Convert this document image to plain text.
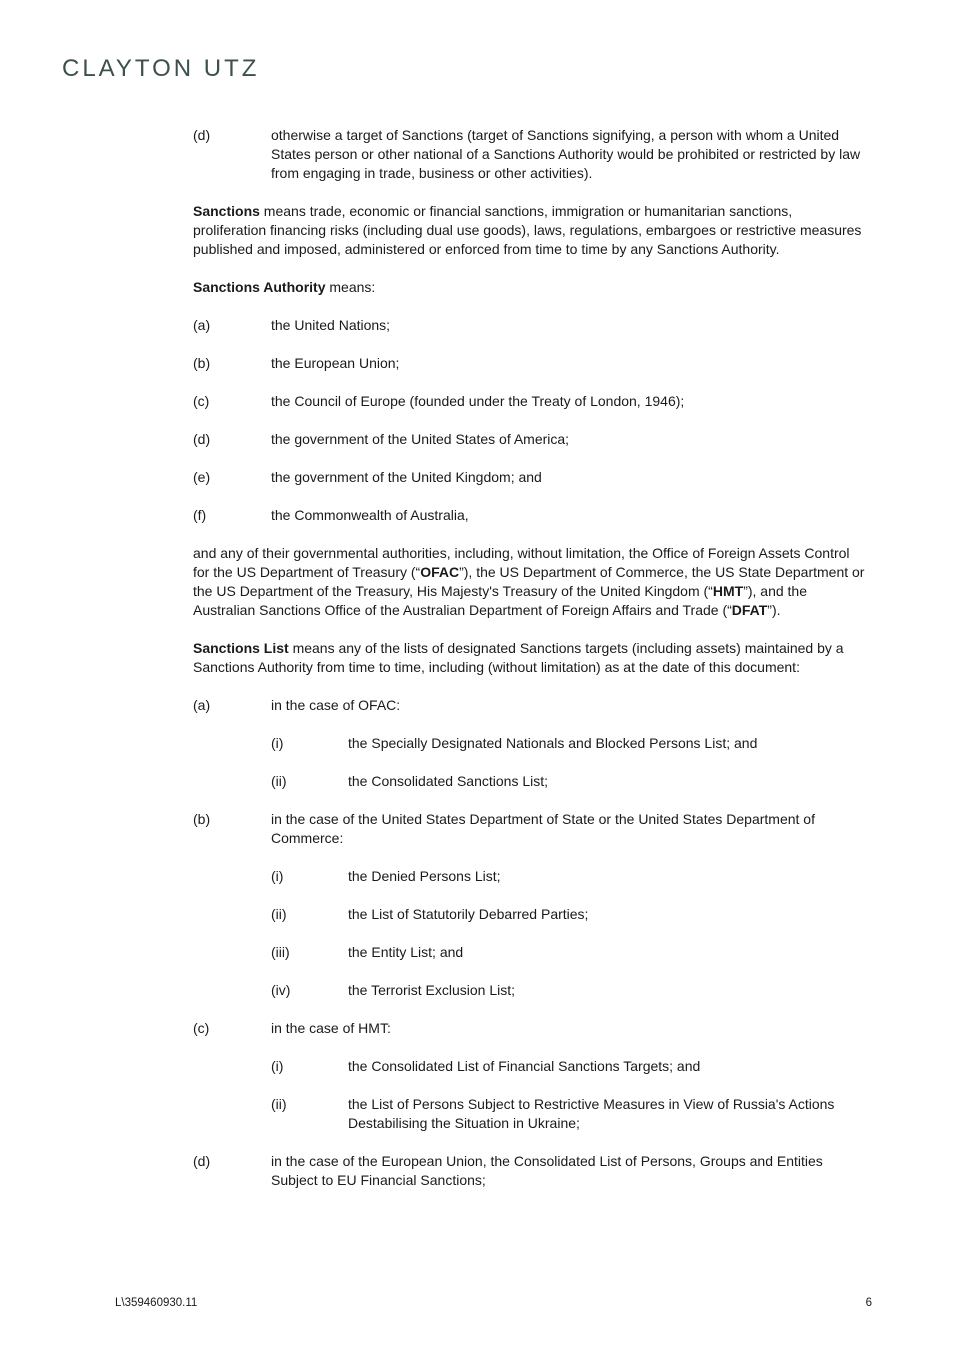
CLAYTON UTZ
(d)	otherwise a target of Sanctions (target of Sanctions signifying, a person with whom a United States person or other national of a Sanctions Authority would be prohibited or restricted by law from engaging in trade, business or other activities).
Sanctions means trade, economic or financial sanctions, immigration or humanitarian sanctions, proliferation financing risks (including dual use goods), laws, regulations, embargoes or restrictive measures published and imposed, administered or enforced from time to time by any Sanctions Authority.
Sanctions Authority means:
(a)	the United Nations;
(b)	the European Union;
(c)	the Council of Europe (founded under the Treaty of London, 1946);
(d)	the government of the United States of America;
(e)	the government of the United Kingdom; and
(f)	the Commonwealth of Australia,
and any of their governmental authorities, including, without limitation, the Office of Foreign Assets Control for the US Department of Treasury (“OFAC”), the US Department of Commerce, the US State Department or the US Department of the Treasury, His Majesty's Treasury of the United Kingdom (“HMT”), and the Australian Sanctions Office of the Australian Department of Foreign Affairs and Trade (“DFAT”).
Sanctions List means any of the lists of designated Sanctions targets (including assets) maintained by a Sanctions Authority from time to time, including (without limitation) as at the date of this document:
(a)	in the case of OFAC:
(i)	the Specially Designated Nationals and Blocked Persons List; and
(ii)	the Consolidated Sanctions List;
(b)	in the case of the United States Department of State or the United States Department of Commerce:
(i)	the Denied Persons List;
(ii)	the List of Statutorily Debarred Parties;
(iii)	the Entity List; and
(iv)	the Terrorist Exclusion List;
(c)	in the case of HMT:
(i)	the Consolidated List of Financial Sanctions Targets; and
(ii)	the List of Persons Subject to Restrictive Measures in View of Russia's Actions Destabilising the Situation in Ukraine;
(d)	in the case of the European Union, the Consolidated List of Persons, Groups and Entities Subject to EU Financial Sanctions;
L\359460930.11	6
